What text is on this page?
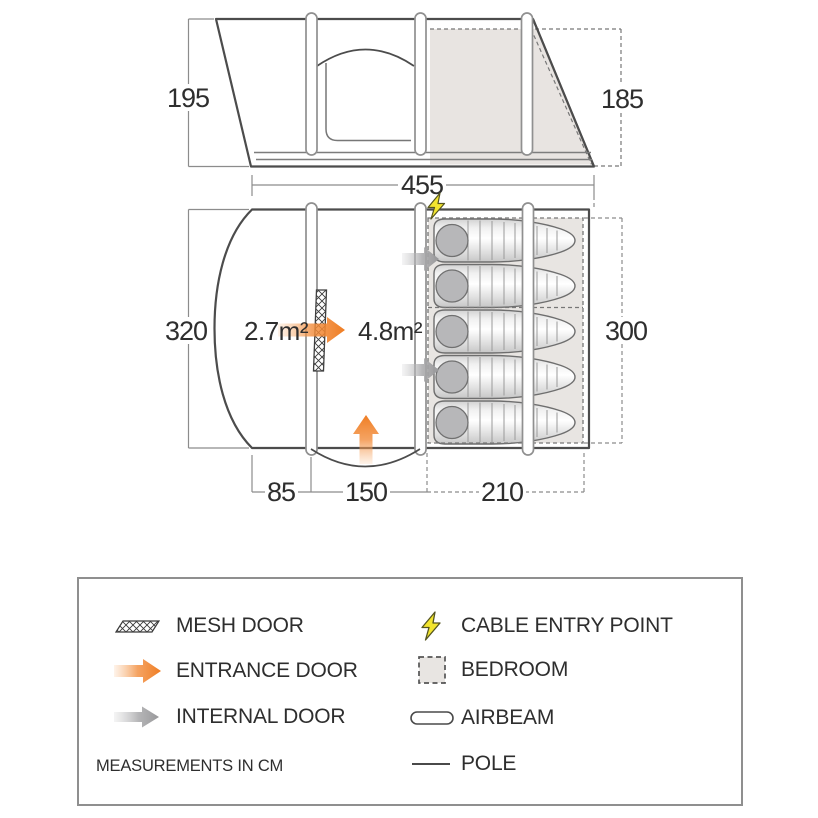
195	185
455
2.7m² 4.8m²
320	300
85 150	210
MESH DOOR
ENTRANCE DOOR
INTERNAL DOOR
MEASUREMENTS IN CM
CABLE ENTRY POINT
BEDROOM
AIRBEAM
POLE
